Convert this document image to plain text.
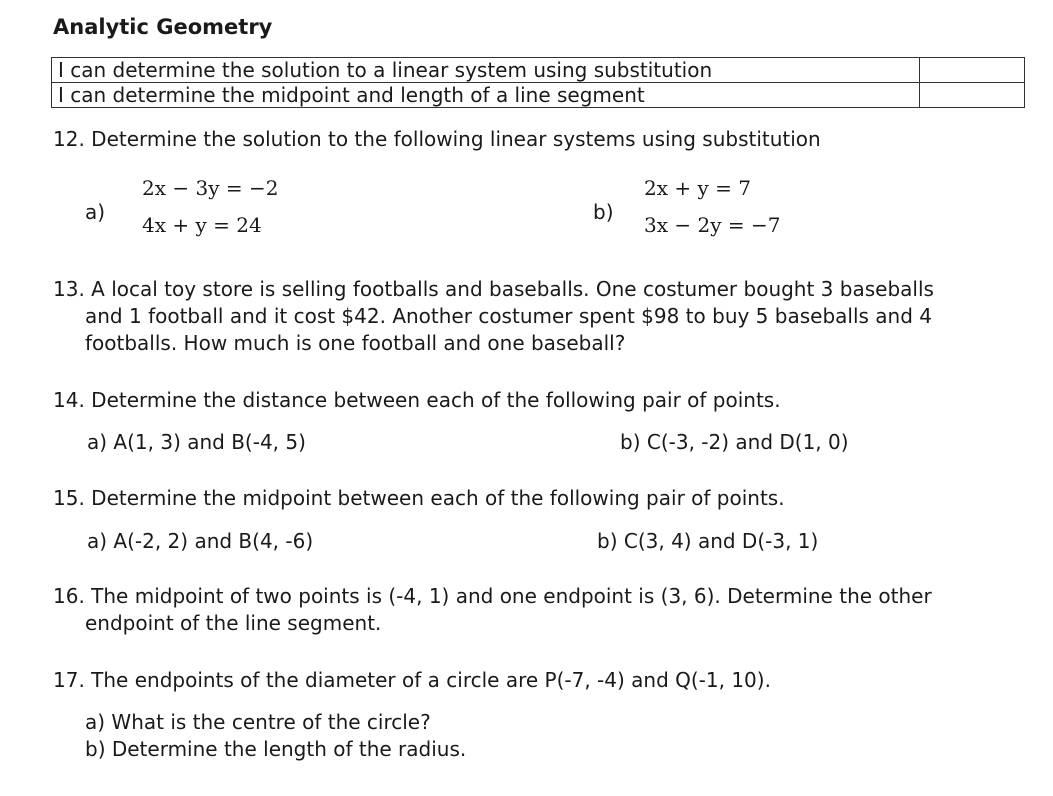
Analytic Geometry
I can determine the solution to a linear system using substitution	
I can determine the midpoint and length of a line segment	
12. Determine the solution to the following linear systems using substitution
a)
2x − 3y = −2
4x + y = 24
b)
2x + y = 7
3x − 2y = −7
13. A local toy store is selling footballs and baseballs. One costumer bought 3 baseballs
and 1 football and it cost $42. Another costumer spent $98 to buy 5 baseballs and 4
footballs. How much is one football and one baseball?
14. Determine the distance between each of the following pair of points.
a) A(1, 3) and B(-4, 5)	b) C(-3, -2) and D(1, 0)
15. Determine the midpoint between each of the following pair of points.
a) A(-2, 2) and B(4, -6)	b) C(3, 4) and D(-3, 1)
16. The midpoint of two points is (-4, 1) and one endpoint is (3, 6). Determine the other
endpoint of the line segment.
17. The endpoints of the diameter of a circle are P(-7, -4) and Q(-1, 10).
a) What is the centre of the circle?
b) Determine the length of the radius.
